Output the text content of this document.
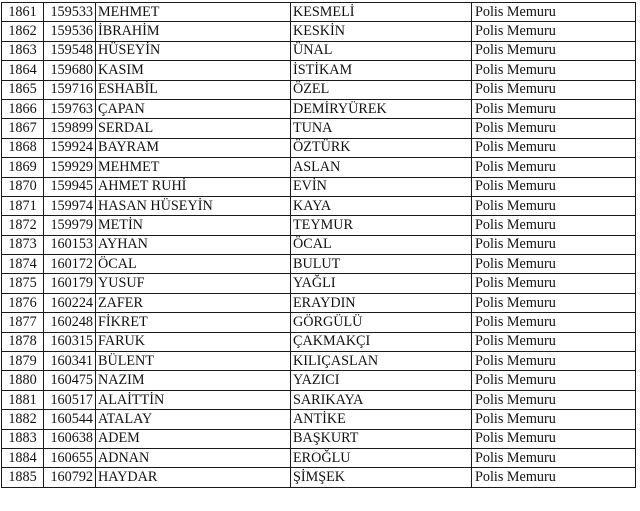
1861	159533	MEHMET	KESMELİ	Polis Memuru
1862	159536	İBRAHİM	KESKİN	Polis Memuru
1863	159548	HÜSEYİN	ÜNAL	Polis Memuru
1864	159680	KASIM	İSTİKAM	Polis Memuru
1865	159716	ESHABİL	ÖZEL	Polis Memuru
1866	159763	ÇAPAN	DEMİRYÜREK	Polis Memuru
1867	159899	SERDAL	TUNA	Polis Memuru
1868	159924	BAYRAM	ÖZTÜRK	Polis Memuru
1869	159929	MEHMET	ASLAN	Polis Memuru
1870	159945	AHMET RUHİ	EVİN	Polis Memuru
1871	159974	HASAN HÜSEYİN	KAYA	Polis Memuru
1872	159979	METİN	TEYMUR	Polis Memuru
1873	160153	AYHAN	ÖCAL	Polis Memuru
1874	160172	ÖCAL	BULUT	Polis Memuru
1875	160179	YUSUF	YAĞLI	Polis Memuru
1876	160224	ZAFER	ERAYDIN	Polis Memuru
1877	160248	FİKRET	GÖRGÜLÜ	Polis Memuru
1878	160315	FARUK	ÇAKMAKÇI	Polis Memuru
1879	160341	BÜLENT	KILIÇASLAN	Polis Memuru
1880	160475	NAZIM	YAZICI	Polis Memuru
1881	160517	ALAİTTİN	SARIKAYA	Polis Memuru
1882	160544	ATALAY	ANTİKE	Polis Memuru
1883	160638	ADEM	BAŞKURT	Polis Memuru
1884	160655	ADNAN	EROĞLU	Polis Memuru
1885	160792	HAYDAR	ŞİMŞEK	Polis Memuru
